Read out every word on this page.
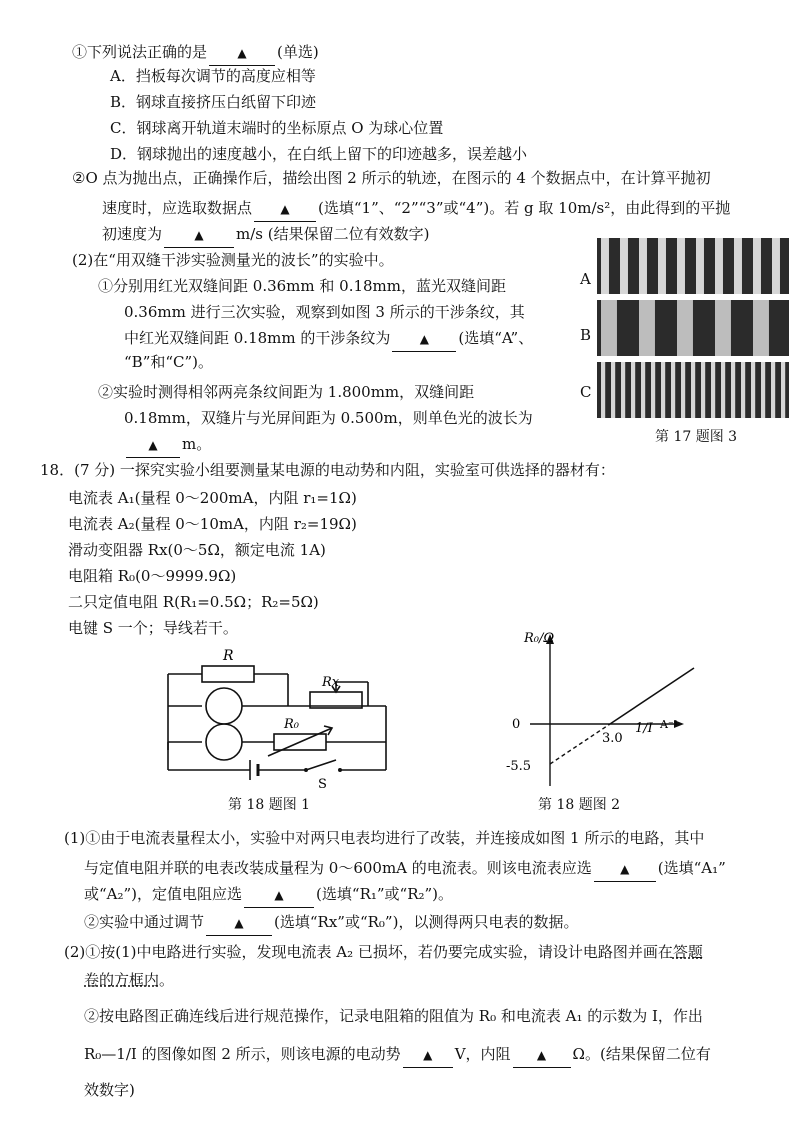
①下列说法正确的是	▲ (单选)
A．挡板每次调节的高度应相等
B．钢球直接挤压白纸留下印迹
C．钢球离开轨道末端时的坐标原点 O 为球心位置
D．钢球抛出的速度越小，在白纸上留下的印迹越多，误差越小
②O 点为抛出点，正确操作后，描绘出图 2 所示的轨迹，在图示的 4 个数据点中，在计算平抛初
速度时，应选取数据点 ▲ (选填“1”、“2”“3”或“4”)。若 g 取 10m/s²，由此得到的平抛
初速度为	▲ m/s (结果保留二位有效数字)
(2)在“用双缝干涉实验测量光的波长”的实验中。
①分别用红光双缝间距 0.36mm 和 0.18mm，蓝光双缝间距
0.36mm 进行三次实验，观察到如图 3 所示的干涉条纹，其
中红光双缝间距 0.18mm 的干涉条纹为 ▲ (选填“A”、
“B”和“C”)。
②实验时测得相邻两亮条纹间距为 1.800mm，双缝间距
0.18mm，双缝片与光屏间距为 0.500m，则单色光的波长为
▲ m。
A
B
C
第 17 题图 3
18．(7 分) 一探究实验小组要测量某电源的电动势和内阻，实验室可供选择的器材有：
电流表 A₁(量程 0～200mA，内阻 r₁=1Ω)
电流表 A₂(量程 0～10mA，内阻 r₂=19Ω)
滑动变阻器 Rx(0～5Ω，额定电流 1A)
电阻箱 R₀(0～9999.9Ω)
二只定值电阻 R(R₁=0.5Ω；R₂=5Ω)
电键 S 一个；导线若干。
R
Rx
R₀
S
第 18 题图 1
R₀/Ω
0
3.0
-5.5
1/I A⁻¹
第 18 题图 2
(1)①由于电流表量程太小，实验中对两只电表均进行了改装，并连接成如图 1 所示的电路，其中
与定值电阻并联的电表改装成量程为 0～600mA 的电流表。则该电流表应选 ▲ (选填“A₁”
或“A₂”)，定值电阻应选	▲ (选填“R₁”或“R₂”)。
②实验中通过调节	▲ (选填“Rx”或“R₀”)，以测得两只电表的数据。
(2)①按(1)中电路进行实验，发现电流表 A₂ 已损坏，若仍要完成实验，请设计电路图并画在答题
卷的方框内。
②按电路图正确连线后进行规范操作，记录电阻箱的阻值为 R₀ 和电流表 A₁ 的示数为 I，作出
R₀—1/I 的图像如图 2 所示，则该电源的电动势 ▲ V，内阻 ▲ Ω。(结果保留二位有
效数字)
